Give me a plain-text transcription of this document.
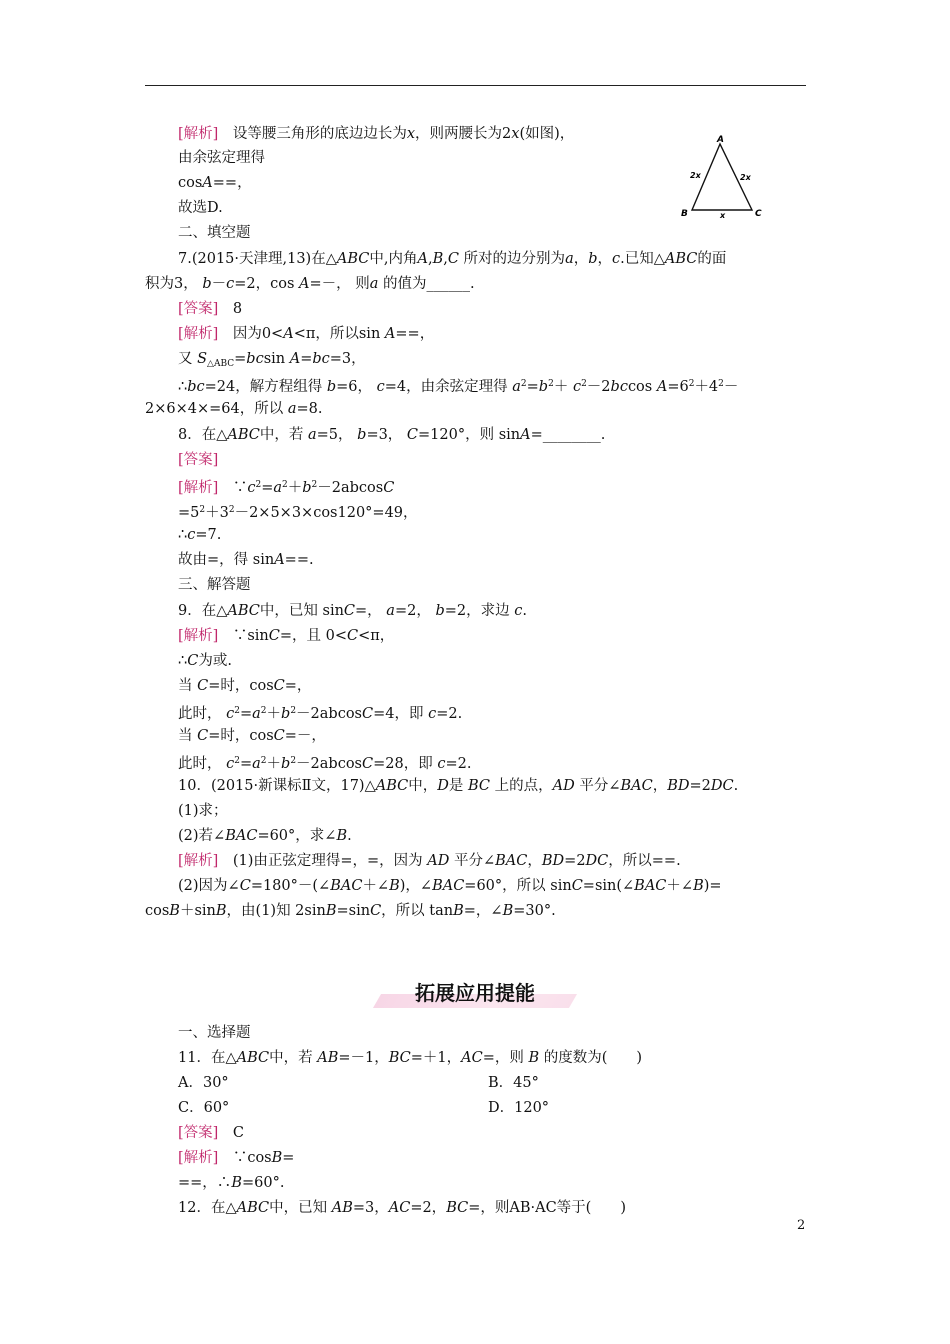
[解析]　设等腰三角形的底边边长为x，则两腰长为2x(如图)，
由余弦定理得
cosA==，
故选D.
A
B	C
2x	2x
x
二、填空题
7.(2015·天津理,13)在△ABC中,内角A,B,C 所对的边分别为a，b，c.已知△ABC的面
积为3， b－c=2，cos A=－， 则a 的值为______.
[答案]　8
[解析]　因为0<A<π，所以sin A==，
又 $S_{\triangle ABC}=bcsin$ A=bc=3，
∴bc=24，解方程组得 b=6， c=4，由余弦定理得 $a^2=b^2+ c^2-2bccos$ $A=6^2+4^2-$
2×6×4×=64，所以 a=8.
8．在△ABC中，若 a=5， b=3， C=120°，则 sinA=________.
[答案]
[解析]　$\because c^2=a^2+b^2-2abcosC$
$=5^2+3^2-2\times 5\times 3\times\cos 120^\circ=49$，
∴c=7.
故由=，得 sinA==.
三、解答题
9．在△ABC中，已知 sinC=， a=2， b=2，求边 c.
[解析]　∵sinC=，且 0<C<π，
∴C为或.
当 C=时，cosC=，
此时， $c^2=a^2+b^2-2abcosC=4$，即 c=2.
当 C=时，cosC=－，
此时， $c^2=a^2+b^2-2abcosC=28$，即 c=2.
10．(2015·新课标Ⅱ文，17)△ABC中，D是 BC 上的点，AD 平分∠BAC，BD=2DC.
(1)求；
(2)若∠BAC=60°，求∠B.
[解析]　(1)由正弦定理得=，=，因为 AD 平分∠BAC，BD=2DC，所以==.
(2)因为∠C=180°－(∠BAC＋∠B)，∠BAC=60°，所以 sinC=sin(∠BAC＋∠B)=
cosB＋sinB，由(1)知 2sinB=sinC，所以 tanB=，∠B=30°.
拓展应用提能
一、选择题
11．在△ABC中，若 AB=－1，BC=＋1，AC=，则 B 的度数为(　　)
A．30°	B．45°
C．60°	D．120°
[答案]　C
[解析]　∵cosB=
==，∴B=60°.
12．在△ABC中，已知 AB=3，AC=2，BC=，则AB·AC等于(　　)
2
